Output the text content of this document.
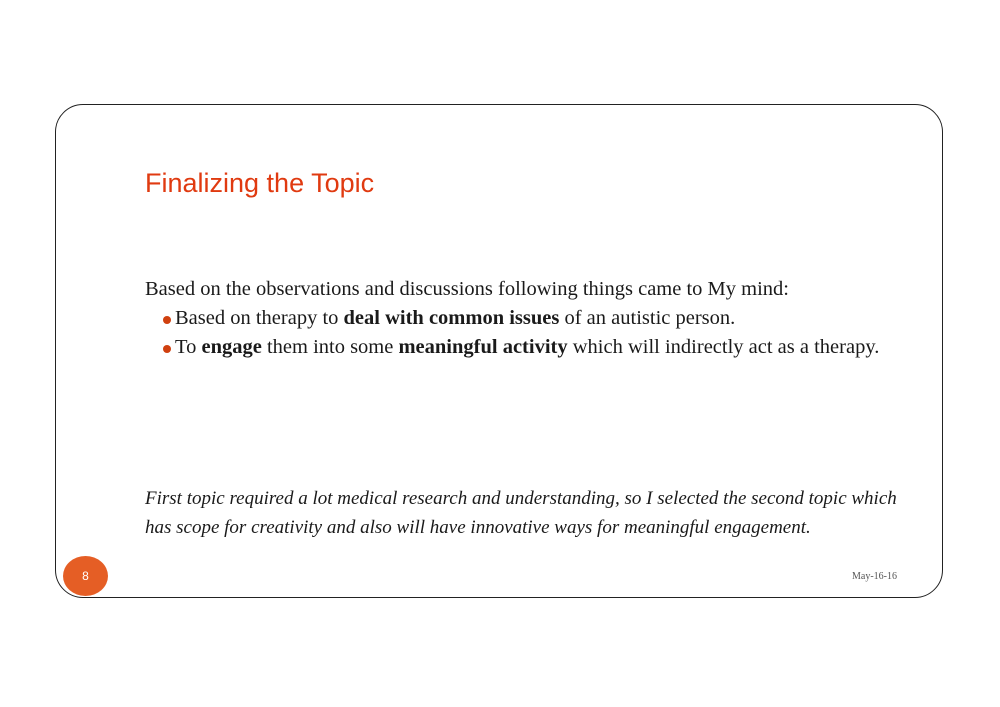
Finalizing the Topic

Based on the observations and discussions following things came to My mind:

Based on therapy to deal with common issues of an autistic person.
To engage them into some meaningful activity which will indirectly act as a therapy.

First topic required a lot medical research and understanding, so I selected the second topic which has scope for creativity and also will have innovative ways for meaningful engagement.

8	May-16-16
